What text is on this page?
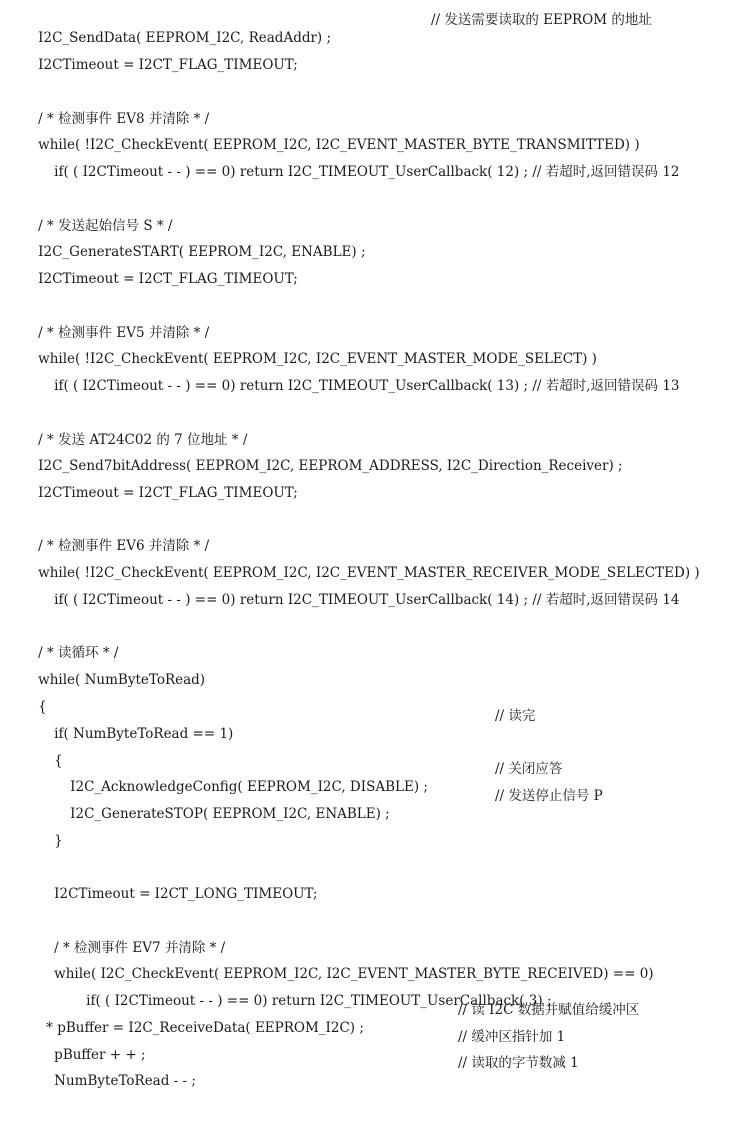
I2C_SendData( EEPROM_I2C, ReadAddr) ;

// 发送需要读取的 EEPROM 的地址

I2CTimeout = I2CT_FLAG_TIMEOUT;

/ * 检测事件 EV8 并清除 * /

while( !I2C_CheckEvent( EEPROM_I2C, I2C_EVENT_MASTER_BYTE_TRANSMITTED) )

if( ( I2CTimeout - - ) == 0) return I2C_TIMEOUT_UserCallback( 12) ; // 若超时,返回错误码 12

/ * 发送起始信号 S * /

I2C_GenerateSTART( EEPROM_I2C, ENABLE) ;

I2CTimeout = I2CT_FLAG_TIMEOUT;

/ * 检测事件 EV5 并清除 * /

while( !I2C_CheckEvent( EEPROM_I2C, I2C_EVENT_MASTER_MODE_SELECT) )

if( ( I2CTimeout - - ) == 0) return I2C_TIMEOUT_UserCallback( 13) ; // 若超时,返回错误码 13

/ * 发送 AT24C02 的 7 位地址 * /

I2C_Send7bitAddress( EEPROM_I2C, EEPROM_ADDRESS, I2C_Direction_Receiver) ;

I2CTimeout = I2CT_FLAG_TIMEOUT;

/ * 检测事件 EV6 并清除 * /

while( !I2C_CheckEvent( EEPROM_I2C, I2C_EVENT_MASTER_RECEIVER_MODE_SELECTED) )

if( ( I2CTimeout - - ) == 0) return I2C_TIMEOUT_UserCallback( 14) ; // 若超时,返回错误码 14

/ * 读循环 * /

while( NumByteToRead)

{

if( NumByteToRead == 1)

// 读完

{

I2C_AcknowledgeConfig( EEPROM_I2C, DISABLE) ;

// 关闭应答

I2C_GenerateSTOP( EEPROM_I2C, ENABLE) ;

// 发送停止信号 P

}

I2CTimeout = I2CT_LONG_TIMEOUT;

/ * 检测事件 EV7 并清除 * /

while( I2C_CheckEvent( EEPROM_I2C, I2C_EVENT_MASTER_BYTE_RECEIVED) == 0)

if( ( I2CTimeout - - ) == 0) return I2C_TIMEOUT_UserCallback( 3) ;

* pBuffer = I2C_ReceiveData( EEPROM_I2C) ;

// 读 I2C 数据并赋值给缓冲区

pBuffer + + ;

// 缓冲区指针加 1

NumByteToRead - - ;

// 读取的字节数减 1
